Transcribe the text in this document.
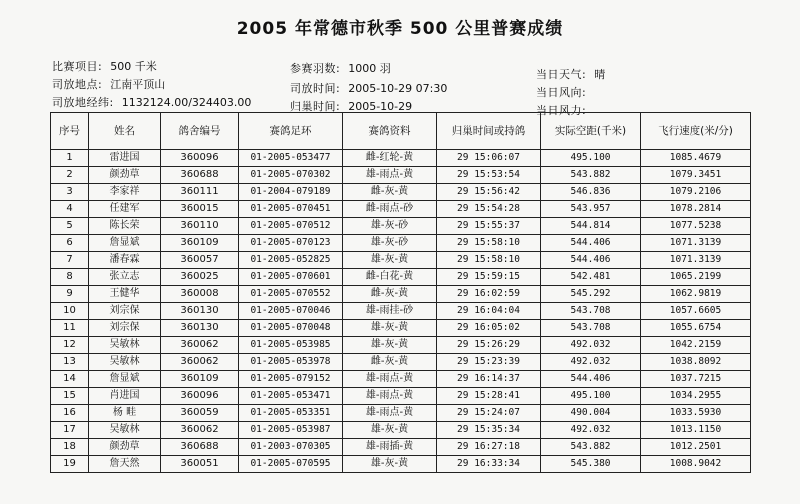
2005 年常德市秋季 500 公里普赛成绩
比赛项目: 500 千米
司放地点: 江南平顶山
司放地经纬: 1132124.00/324403.00
参赛羽数: 1000 羽
司放时间: 2005-10-29 07:30
归巢时间: 2005-10-29
当日天气: 晴
当日风向:
当日风力:
序号	姓名	鸽舍编号	赛鸽足环	赛鸽资料	归巢时间或持鸽	实际空距(千米)	飞行速度(米/分)
1	雷进国	360096	01-2005-053477	雌-红轮-黄	29 15:06:07	495.100	1085.4679
2	颜劲草	360688	01-2005-070302	雄-雨点-黄	29 15:53:54	543.882	1079.3451
3	李家祥	360111	01-2004-079189	雌-灰-黄	29 15:56:42	546.836	1079.2106
4	任建军	360015	01-2005-070451	雌-雨点-砂	29 15:54:28	543.957	1078.2814
5	陈长荣	360110	01-2005-070512	雄-灰-砂	29 15:55:37	544.814	1077.5238
6	詹显斌	360109	01-2005-070123	雄-灰-砂	29 15:58:10	544.406	1071.3139
7	潘春霖	360057	01-2005-052825	雄-灰-黄	29 15:58:10	544.406	1071.3139
8	张立志	360025	01-2005-070601	雌-白花-黄	29 15:59:15	542.481	1065.2199
9	王健华	360008	01-2005-070552	雌-灰-黄	29 16:02:59	545.292	1062.9819
10	刘宗保	360130	01-2005-070046	雄-雨挂-砂	29 16:04:04	543.708	1057.6605
11	刘宗保	360130	01-2005-070048	雄-灰-黄	29 16:05:02	543.708	1055.6754
12	吴敏林	360062	01-2005-053985	雄-灰-黄	29 15:26:29	492.032	1042.2159
13	吴敏林	360062	01-2005-053978	雌-灰-黄	29 15:23:39	492.032	1038.8092
14	詹显斌	360109	01-2005-079152	雄-雨点-黄	29 16:14:37	544.406	1037.7215
15	肖进国	360096	01-2005-053471	雄-雨点-黄	29 15:28:41	495.100	1034.2955
16	杨 畦	360059	01-2005-053351	雄-雨点-黄	29 15:24:07	490.004	1033.5930
17	吴敏林	360062	01-2005-053987	雄-灰-黄	29 15:35:34	492.032	1013.1150
18	颜劲草	360688	01-2003-070305	雄-雨插-黄	29 16:27:18	543.882	1012.2501
19	詹天然	360051	01-2005-070595	雄-灰-黄	29 16:33:34	545.380	1008.9042
